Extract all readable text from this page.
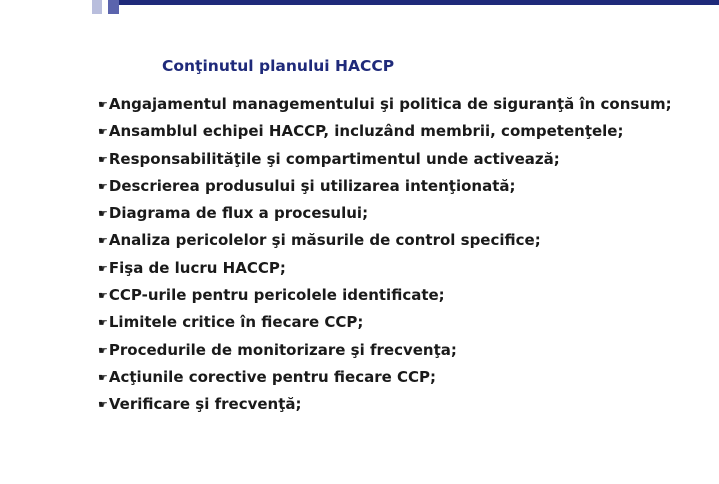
Conţinutul planului HACCP
☛Angajamentul managementului şi politica de siguranţă în consum;
☛Ansamblul echipei HACCP, incluzând membrii, competenţele;
☛Responsabilităţile şi compartimentul unde activează;
☛Descrierea produsului şi utilizarea intenţionată;
☛Diagrama de flux a procesului;
☛Analiza pericolelor şi măsurile de control specifice;
☛Fişa de lucru HACCP;
☛CCP-urile pentru pericolele identificate;
☛Limitele critice în fiecare CCP;
☛Procedurile de monitorizare şi frecvenţa;
☛Acţiunile corective pentru fiecare CCP;
☛Verificare şi frecvenţă;
